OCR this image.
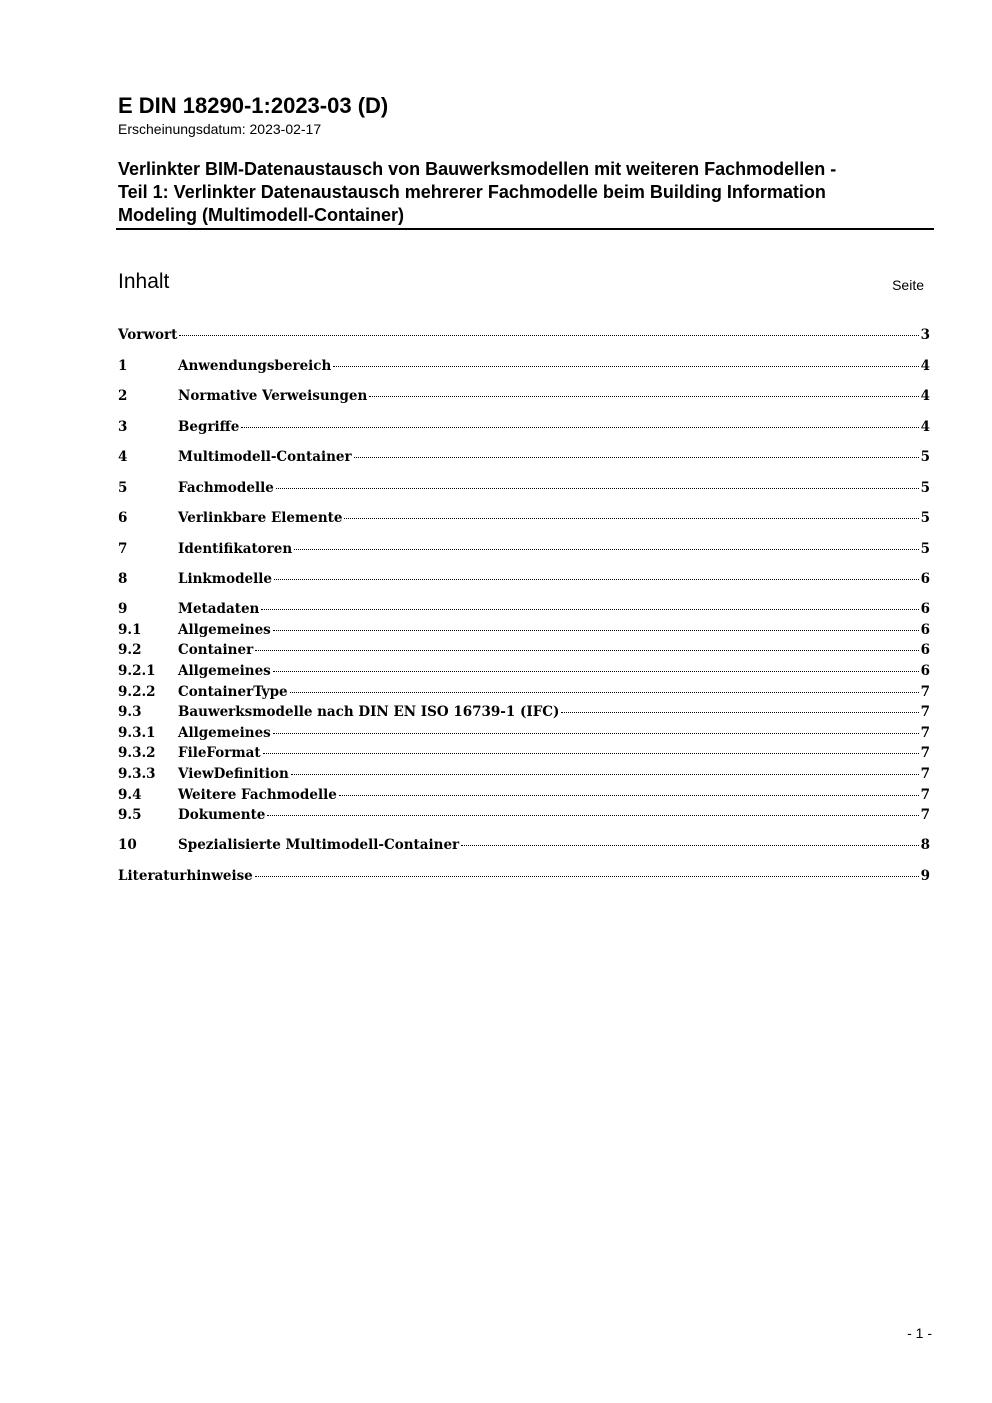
E DIN 18290-1:2023-03 (D)

Erscheinungsdatum: 2023-02-17

Verlinkter BIM-Datenaustausch von Bauwerksmodellen mit weiteren Fachmodellen -
Teil 1: Verlinkter Datenaustausch mehrerer Fachmodelle beim Building Information
Modeling (Multimodell-Container)
Inhalt	Seite
Vorwort	3
1	Anwendungsbereich	4
2	Normative Verweisungen	4
3	Begriffe	4
4	Multimodell-Container	5
5	Fachmodelle	5
6	Verlinkbare Elemente	5
7	Identifikatoren	5
8	Linkmodelle	6
9	Metadaten	6
9.1	Allgemeines	6
9.2	Container	6
9.2.1	Allgemeines	6
9.2.2	ContainerType	7
9.3	Bauwerksmodelle nach DIN EN ISO 16739-1 (IFC)	7
9.3.1	Allgemeines	7
9.3.2	FileFormat	7
9.3.3	ViewDefinition	7
9.4	Weitere Fachmodelle	7
9.5	Dokumente	7
10	Spezialisierte Multimodell-Container	8
Literaturhinweise	9
- 1 -
